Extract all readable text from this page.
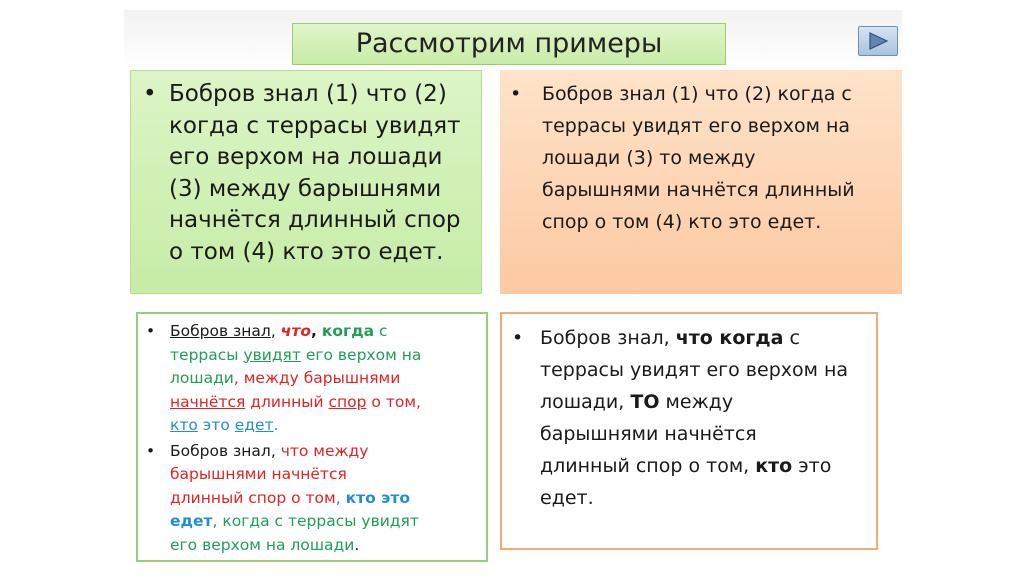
Рассмотрим примеры
• Бобров знал (1) что (2)
когда с террасы увидят
его верхом на лошади
(3) между барышнями
начнётся длинный спор
о том (4) кто это едет.
• Бобров знал (1) что (2) когда с
террасы увидят его верхом на
лошади (3) то между
барышнями начнётся длинный
спор о том (4) кто это едет.
• Бобров знал, что, когда с
террасы увидят его верхом на
лошади, между барышнями
начнётся длинный спор о том,
кто это едет.
• Бобров знал, что между
барышнями начнётся
длинный спор о том, кто это
едет, когда с террасы увидят
его верхом на лошади.
• Бобров знал, что когда с
террасы увидят его верхом на
лошади, ТО между
барышнями начнётся
длинный спор о том, кто это
едет.
